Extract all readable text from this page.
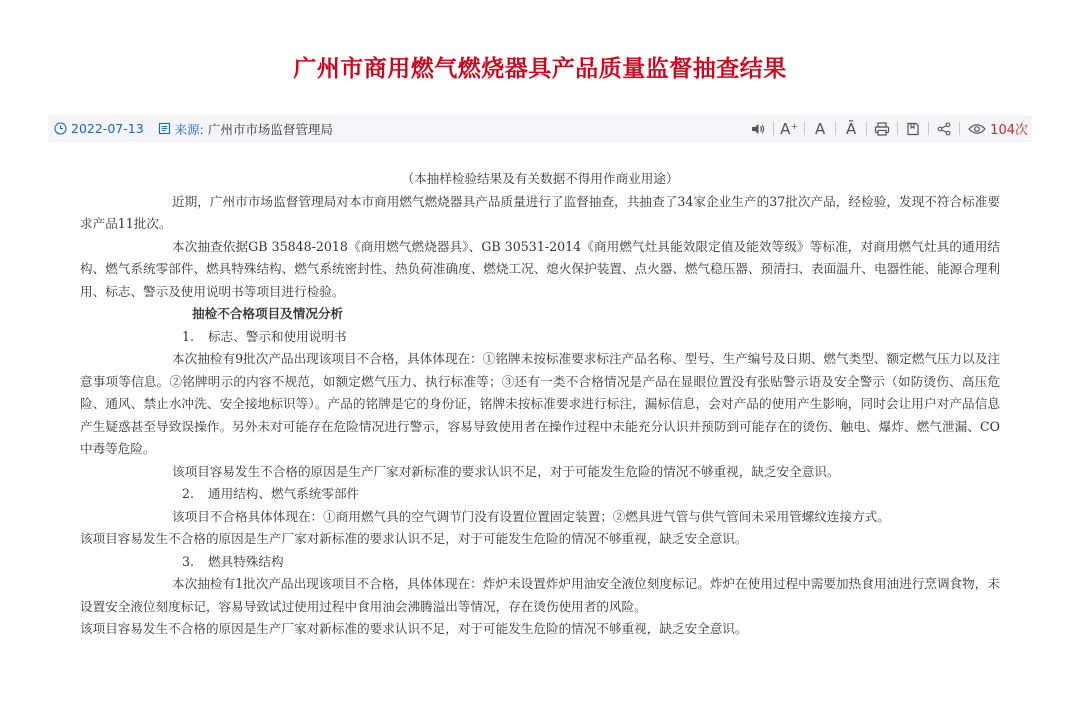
广州市商用燃气燃烧器具产品质量监督抽查结果
2022-07-13 来源: 广州市市场监督管理局	A⁺	A	Ā	104次

（本抽样检验结果及有关数据不得用作商业用途）

近期，广州市市场监督管理局对本市商用燃气燃烧器具产品质量进行了监督抽查，共抽查了34家企业生产的37批次产品，经检验，发现不符合标准要求产品11批次。

本次抽查依据GB 35848-2018《商用燃气燃烧器具》、GB 30531-2014《商用燃气灶具能效限定值及能效等级》等标准，对商用燃气灶具的通用结构、燃气系统零部件、燃具特殊结构、燃气系统密封性、热负荷准确度、燃烧工况、熄火保护装置、点火器、燃气稳压器、预清扫、表面温升、电器性能、能源合理利用、标志、警示及使用说明书等项目进行检验。

抽检不合格项目及情况分析

1. 标志、警示和使用说明书

本次抽检有9批次产品出现该项目不合格，具体体现在：①铭牌未按标准要求标注产品名称、型号、生产编号及日期、燃气类型、额定燃气压力以及注意事项等信息。②铭牌明示的内容不规范，如额定燃气压力、执行标准等；③还有一类不合格情况是产品在显眼位置没有张贴警示语及安全警示（如防烫伤、高压危险、通风、禁止水冲洗、安全接地标识等）。产品的铭牌是它的身份证，铭牌未按标准要求进行标注，漏标信息，会对产品的使用产生影响，同时会让用户对产品信息产生疑惑甚至导致误操作。另外未对可能存在危险情况进行警示，容易导致使用者在操作过程中未能充分认识并预防到可能存在的烫伤、触电、爆炸、燃气泄漏、CO中毒等危险。

该项目容易发生不合格的原因是生产厂家对新标准的要求认识不足，对于可能发生危险的情况不够重视，缺乏安全意识。

2. 通用结构、燃气系统零部件

该项目不合格具体体现在：①商用燃气具的空气调节门没有设置位置固定装置；②燃具进气管与供气管间未采用管螺纹连接方式。

该项目容易发生不合格的原因是生产厂家对新标准的要求认识不足，对于可能发生危险的情况不够重视，缺乏安全意识。

3. 燃具特殊结构

本次抽检有1批次产品出现该项目不合格，具体体现在：炸炉未设置炸炉用油安全液位刻度标记。炸炉在使用过程中需要加热食用油进行烹调食物，未设置安全液位刻度标记，容易导致试过使用过程中食用油会沸腾溢出等情况，存在烫伤使用者的风险。

该项目容易发生不合格的原因是生产厂家对新标准的要求认识不足，对于可能发生危险的情况不够重视，缺乏安全意识。
